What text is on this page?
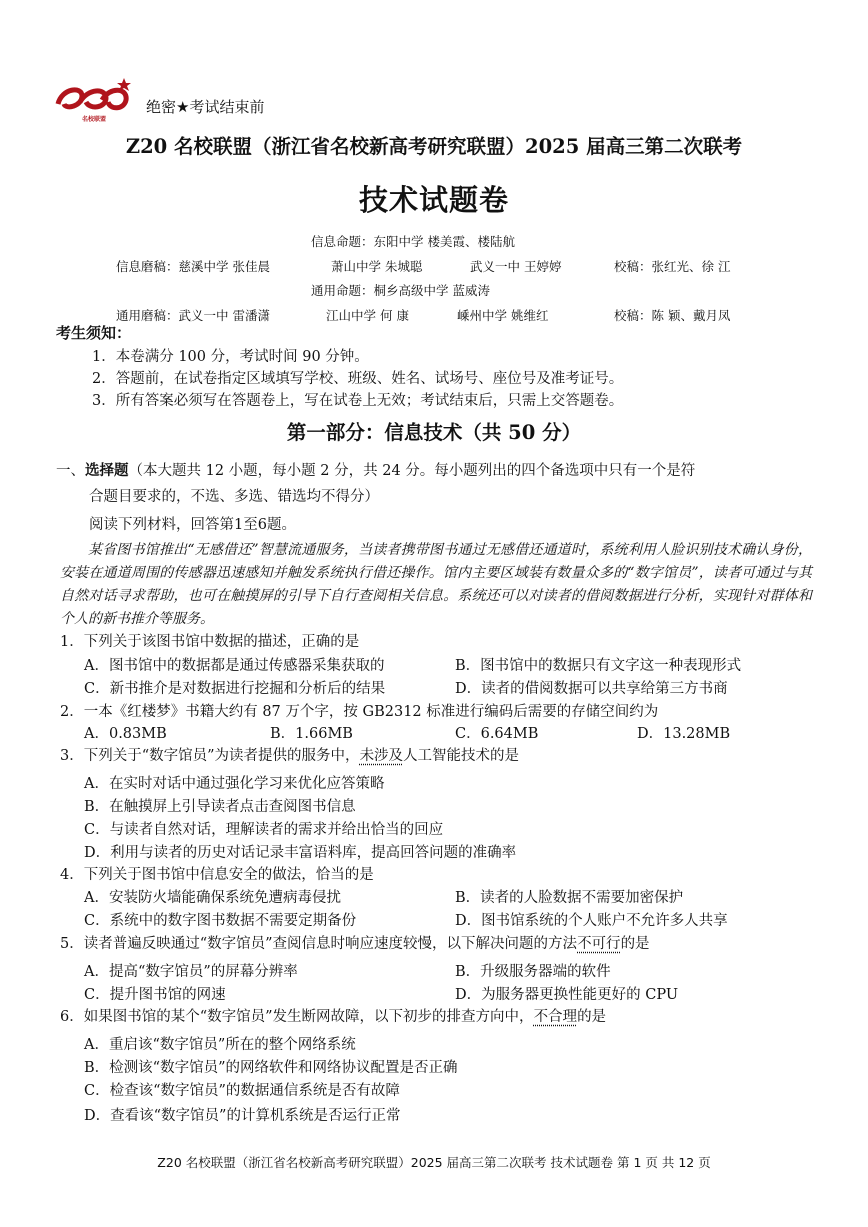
名校联盟
绝密★考试结束前
Z20 名校联盟（浙江省名校新高考研究联盟）2025 届高三第二次联考
技术试题卷
信息命题：东阳中学 楼美霞、楼陆航
信息磨稿：慈溪中学 张佳晨	萧山中学 朱城聪	武义一中 王婷婷	校稿：张红光、徐 江
通用命题：桐乡高级中学 蓝威涛
通用磨稿：武义一中 雷潘潇	江山中学 何 康	嵊州中学 姚维红	校稿：陈 颖、戴月凤
考生须知：
1．本卷满分 100 分，考试时间 90 分钟。
2．答题前，在试卷指定区域填写学校、班级、姓名、试场号、座位号及准考证号。
3．所有答案必须写在答题卷上，写在试卷上无效；考试结束后，只需上交答题卷。
第一部分：信息技术（共 50 分）
一、选择题（本大题共 12 小题，每小题 2 分，共 24 分。每小题列出的四个备选项中只有一个是符
合题目要求的，不选、多选、错选均不得分）
阅读下列材料，回答第1至6题。
某省图书馆推出“无感借还”智慧流通服务，当读者携带图书通过无感借还通道时，系统利用人脸识别技术确认身份，安装在通道周围的传感器迅速感知并触发系统执行借还操作。馆内主要区域装有数量众多的“数字馆员”，读者可通过与其自然对话寻求帮助，也可在触摸屏的引导下自行查阅相关信息。系统还可以对读者的借阅数据进行分析，实现针对群体和个人的新书推介等服务。
1．下列关于该图书馆中数据的描述，正确的是
A．图书馆中的数据都是通过传感器采集获取的	B．图书馆中的数据只有文字这一种表现形式
C．新书推介是对数据进行挖掘和分析后的结果	D．读者的借阅数据可以共享给第三方书商
2．一本《红楼梦》书籍大约有 87 万个字，按 GB2312 标准进行编码后需要的存储空间约为
A．0.83MB	B．1.66MB	C．6.64MB	D．13.28MB
3．下列关于“数字馆员”为读者提供的服务中，未涉及人工智能技术的是
A．在实时对话中通过强化学习来优化应答策略
B．在触摸屏上引导读者点击查阅图书信息
C．与读者自然对话，理解读者的需求并给出恰当的回应
D．利用与读者的历史对话记录丰富语料库，提高回答问题的准确率
4．下列关于图书馆中信息安全的做法，恰当的是
A．安装防火墙能确保系统免遭病毒侵扰	B．读者的人脸数据不需要加密保护
C．系统中的数字图书数据不需要定期备份	D．图书馆系统的个人账户不允许多人共享
5．读者普遍反映通过“数字馆员”查阅信息时响应速度较慢，以下解决问题的方法不可行的是
A．提高“数字馆员”的屏幕分辨率	B．升级服务器端的软件
C．提升图书馆的网速	D．为服务器更换性能更好的 CPU
6．如果图书馆的某个“数字馆员”发生断网故障，以下初步的排查方向中，不合理的是
A．重启该“数字馆员”所在的整个网络系统
B．检测该“数字馆员”的网络软件和网络协议配置是否正确
C．检查该“数字馆员”的数据通信系统是否有故障
D．查看该“数字馆员”的计算机系统是否运行正常
Z20 名校联盟（浙江省名校新高考研究联盟）2025 届高三第二次联考 技术试题卷 第 1 页 共 12 页
